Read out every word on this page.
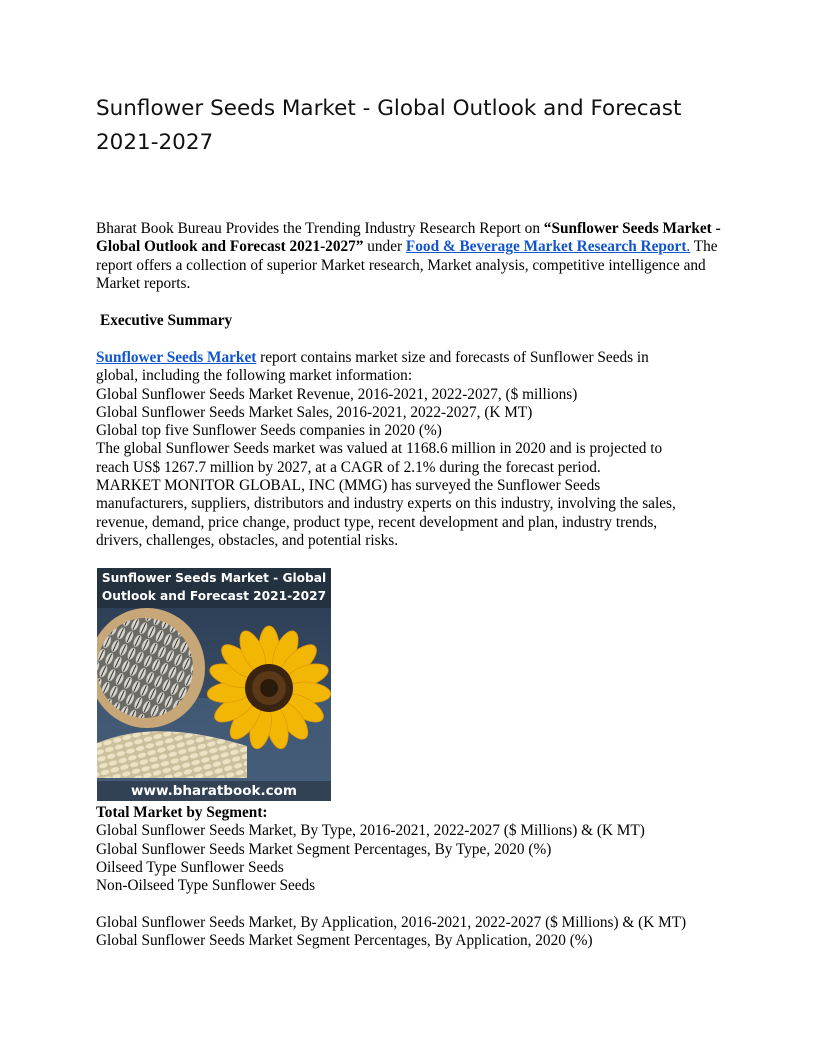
Sunflower Seeds Market - Global Outlook and Forecast 2021-2027

Bharat Book Bureau Provides the Trending Industry Research Report on “Sunflower Seeds Market - Global Outlook and Forecast 2021-2027” under Food & Beverage Market Research Report. The report offers a collection of superior Market research, Market analysis, competitive intelligence and Market reports.

Executive Summary

Sunflower Seeds Market report contains market size and forecasts of Sunflower Seeds in
global, including the following market information:
Global Sunflower Seeds Market Revenue, 2016-2021, 2022-2027, ($ millions)
Global Sunflower Seeds Market Sales, 2016-2021, 2022-2027, (K MT)
Global top five Sunflower Seeds companies in 2020 (%)
The global Sunflower Seeds market was valued at 1168.6 million in 2020 and is projected to
reach US$ 1267.7 million by 2027, at a CAGR of 2.1% during the forecast period.
MARKET MONITOR GLOBAL, INC (MMG) has surveyed the Sunflower Seeds
manufacturers, suppliers, distributors and industry experts on this industry, involving the sales,
revenue, demand, price change, product type, recent development and plan, industry trends,
drivers, challenges, obstacles, and potential risks.
Sunflower Seeds Market - Global
Outlook and Forecast 2021-2027
www.bharatbook.com
Total Market by Segment:
Global Sunflower Seeds Market, By Type, 2016-2021, 2022-2027 ($ Millions) & (K MT)
Global Sunflower Seeds Market Segment Percentages, By Type, 2020 (%)
Oilseed Type Sunflower Seeds
Non-Oilseed Type Sunflower Seeds
Global Sunflower Seeds Market, By Application, 2016-2021, 2022-2027 ($ Millions) & (K MT)
Global Sunflower Seeds Market Segment Percentages, By Application, 2020 (%)
